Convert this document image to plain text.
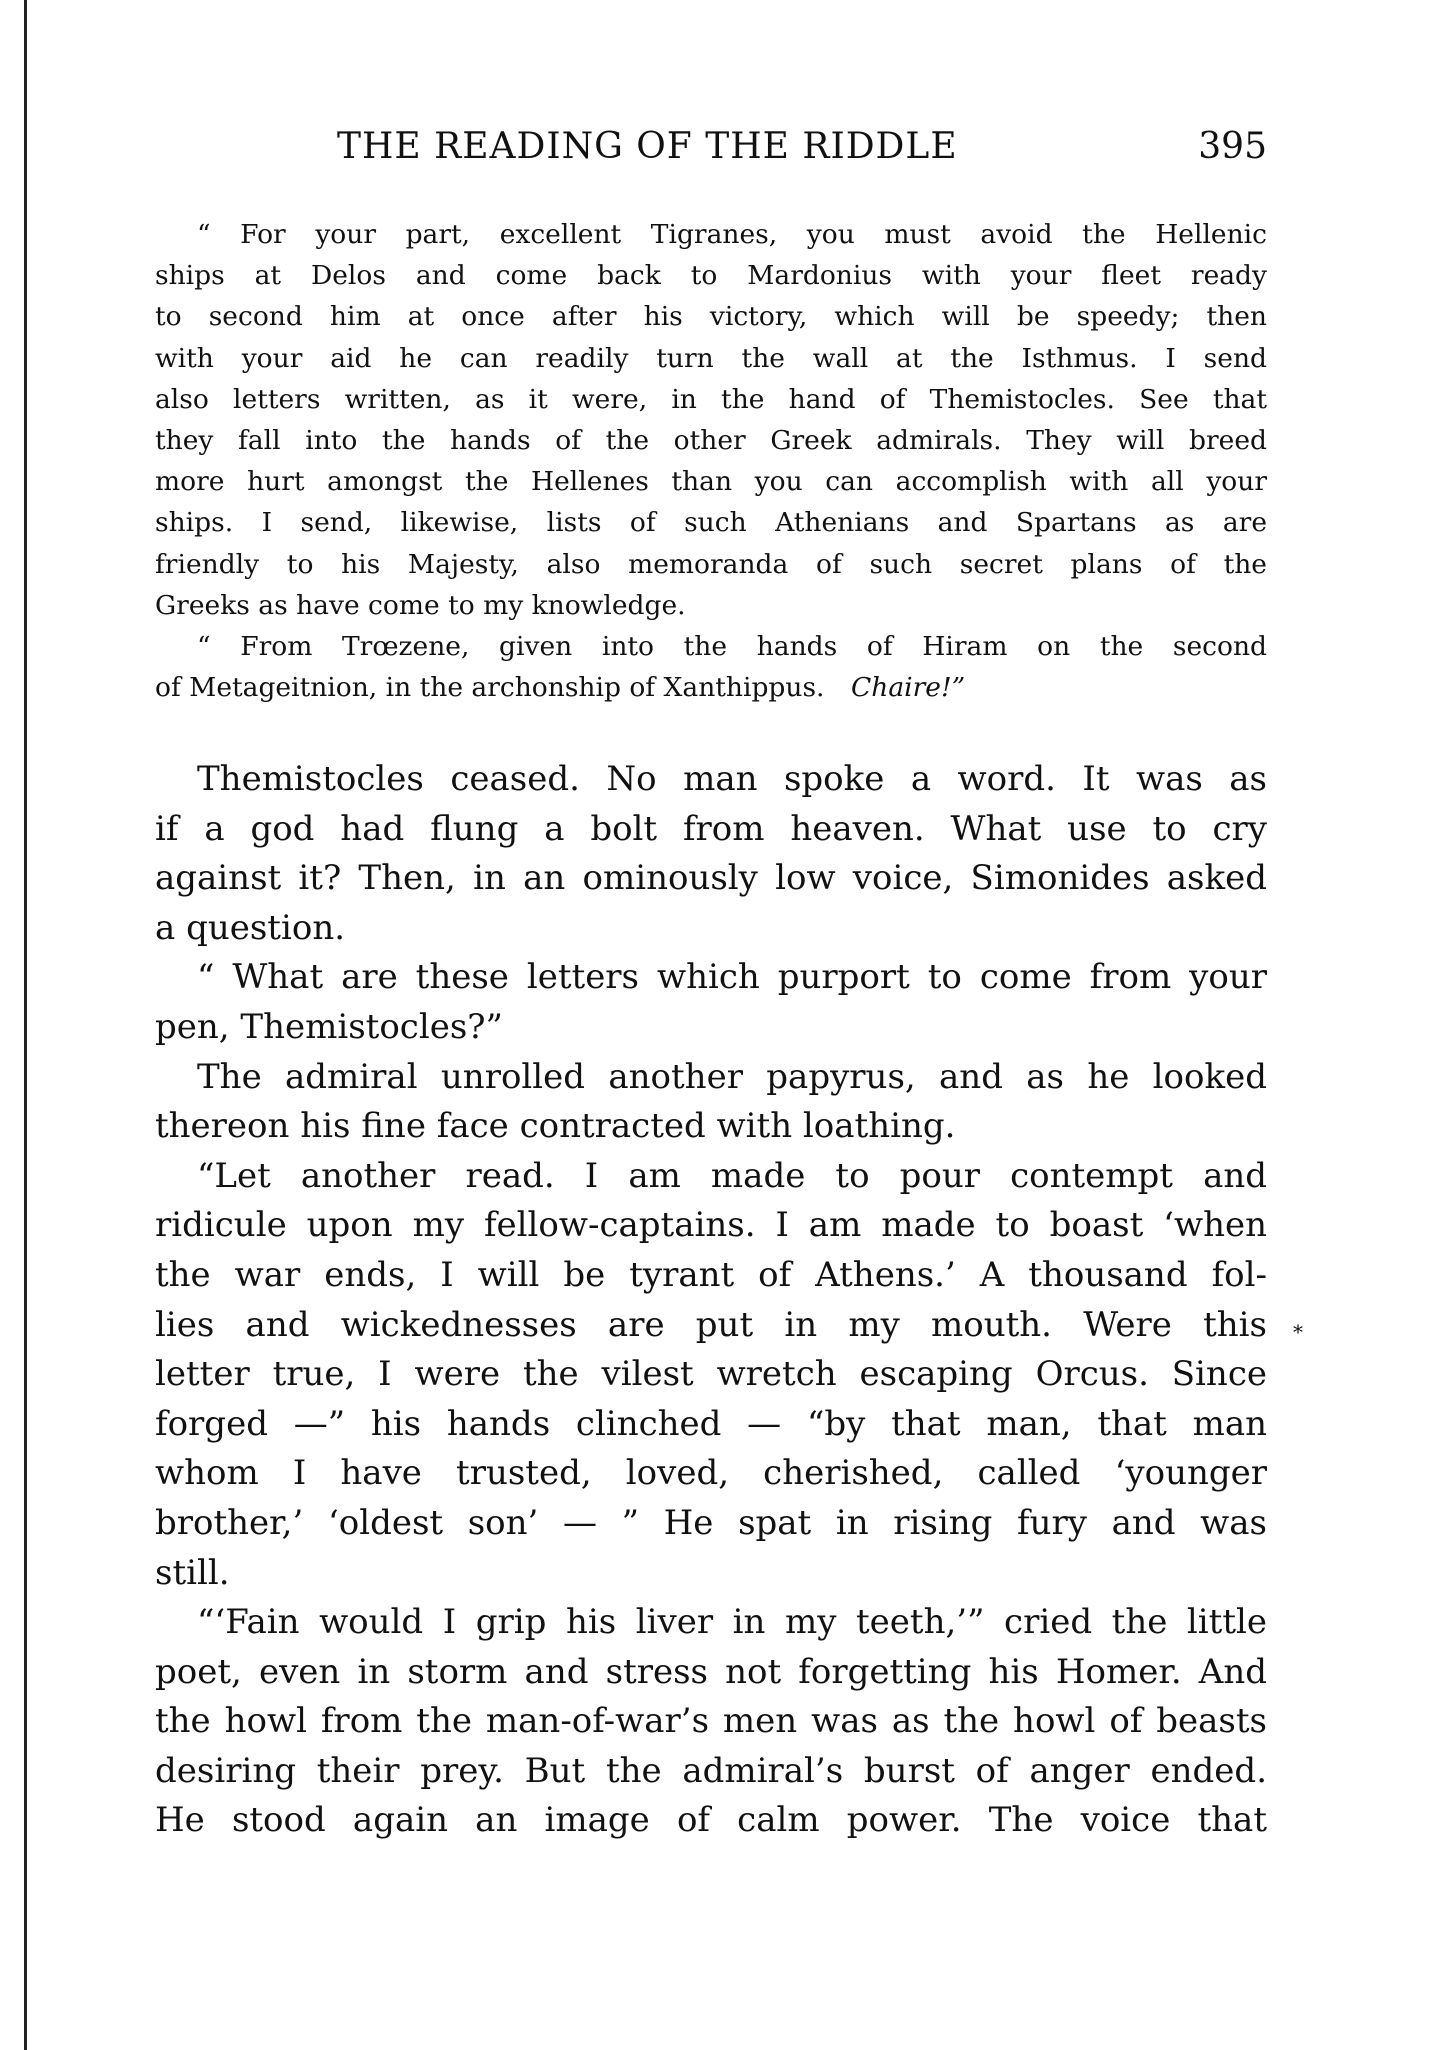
THE READING OF THE RIDDLE	395
“ For your part, excellent Tigranes, you must avoid the Hellenic
ships at Delos and come back to Mardonius with your fleet ready
to second him at once after his victory, which will be speedy; then
with your aid he can readily turn the wall at the Isthmus. I send
also letters written, as it were, in the hand of Themistocles. See that
they fall into the hands of the other Greek admirals. They will breed
more hurt amongst the Hellenes than you can accomplish with all your
ships. I send, likewise, lists of such Athenians and Spartans as are
friendly to his Majesty, also memoranda of such secret plans of the
Greeks as have come to my knowledge.
“ From Trœzene, given into the hands of Hiram on the second
of Metageitnion, in the archonship of Xanthippus. Chaire!”
Themistocles ceased. No man spoke a word. It was as
if a god had flung a bolt from heaven. What use to cry
against it? Then, in an ominously low voice, Simonides asked
a question.
“ What are these letters which purport to come from your
pen, Themistocles?”
The admiral unrolled another papyrus, and as he looked
thereon his fine face contracted with loathing.
“Let another read. I am made to pour contempt and
ridicule upon my fellow-captains. I am made to boast ‘when
the war ends, I will be tyrant of Athens.’ A thousand fol-
lies and wickednesses are put in my mouth. Were this
letter true, I were the vilest wretch escaping Orcus. Since
forged —” his hands clinched — “by that man, that man
whom I have trusted, loved, cherished, called ‘younger
brother,’ ‘oldest son’ — ” He spat in rising fury and was
still.
“‘Fain would I grip his liver in my teeth,’” cried the little
poet, even in storm and stress not forgetting his Homer. And
the howl from the man-of-war’s men was as the howl of beasts
desiring their prey. But the admiral’s burst of anger ended.
He stood again an image of calm power. The voice that
*
